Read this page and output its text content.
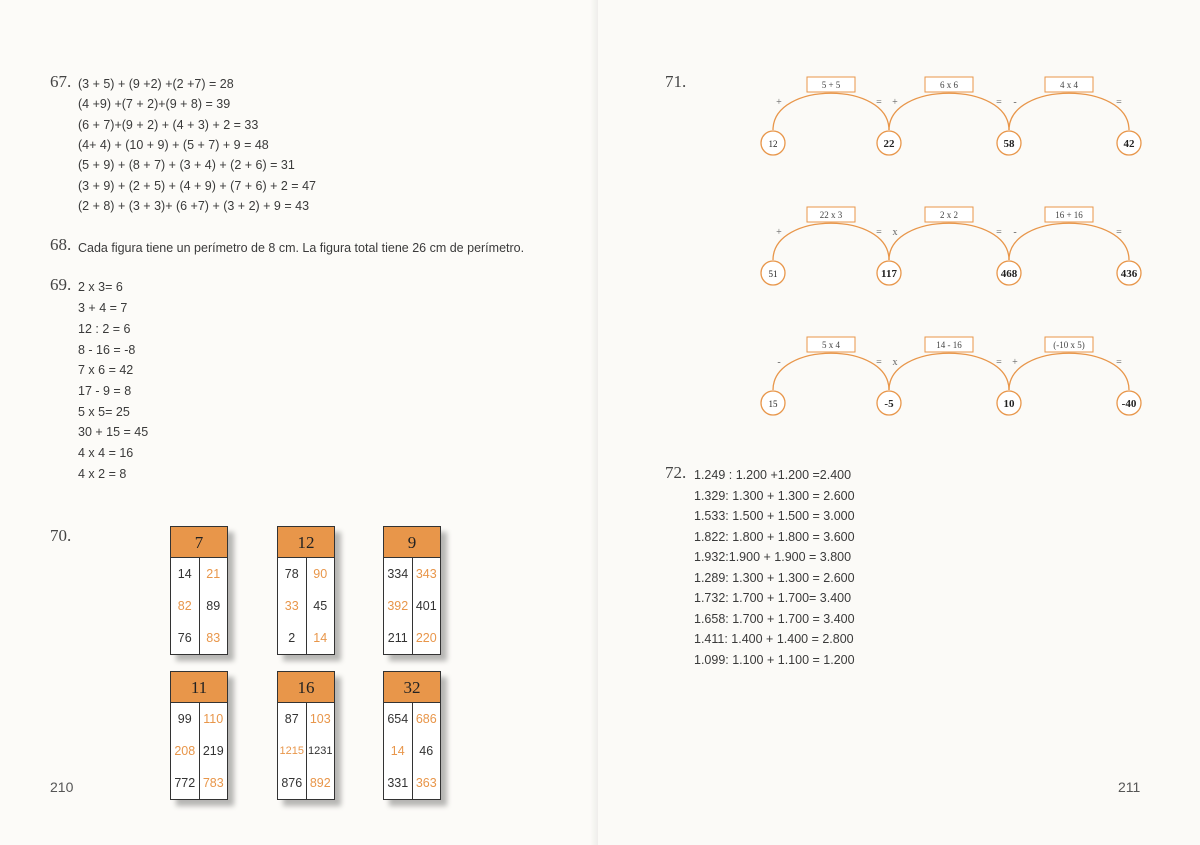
67. (3 + 5) + (9 +2) +(2 +7) = 28
(4 +9) +(7 + 2)+(9 + 8) = 39
(6 + 7)+(9 + 2) + (4 + 3) + 2 = 33
(4+ 4) + (10 + 9) + (5 + 7) + 9 = 48
(5 + 9) + (8 + 7) + (3 + 4) + (2 + 6) = 31
(3 + 9) + (2 + 5) + (4 + 9) + (7 + 6) + 2 = 47
(2 + 8) + (3 + 3)+ (6 +7) + (3 + 2) + 9 = 43
68. Cada figura tiene un perímetro de 8 cm. La figura total tiene 26 cm de perímetro.
69. 2 x 3= 6
3 + 4 = 7
12 : 2 = 6
8 - 16 = -8
7 x 6 = 42
17 - 9 = 8
5 x 5= 25
30 + 15 = 45
4 x 4 = 16
4 x 2 = 8
70.	7
14	21
82	89
76	83
12
78	90
33	45
2	14
9
334 343
392 401
211 220
11
99 110
208 219
772 783
16
87 103
1215 1231
876 892
32
654 686
14	46
331 363
210
71.	5 + 5
+	=
6 x 6
+	=
4 x 4
-	=
12	22	58	42
22 x 3
+	=
2 x 2
x	=
16 + 16
-	=
51	117	468	436
5 x 4
-	=
14 - 16
x	=
(-10 x 5)
+	=
15	-5	10	-40
72. 1.249 : 1.200 +1.200 =2.400
1.329: 1.300 + 1.300 = 2.600
1.533: 1.500 + 1.500 = 3.000
1.822: 1.800 + 1.800 = 3.600
1.932:1.900 + 1.900 = 3.800
1.289: 1.300 + 1.300 = 2.600
1.732: 1.700 + 1.700= 3.400
1.658: 1.700 + 1.700 = 3.400
1.411: 1.400 + 1.400 = 2.800
1.099: 1.100 + 1.100 = 1.200
211
